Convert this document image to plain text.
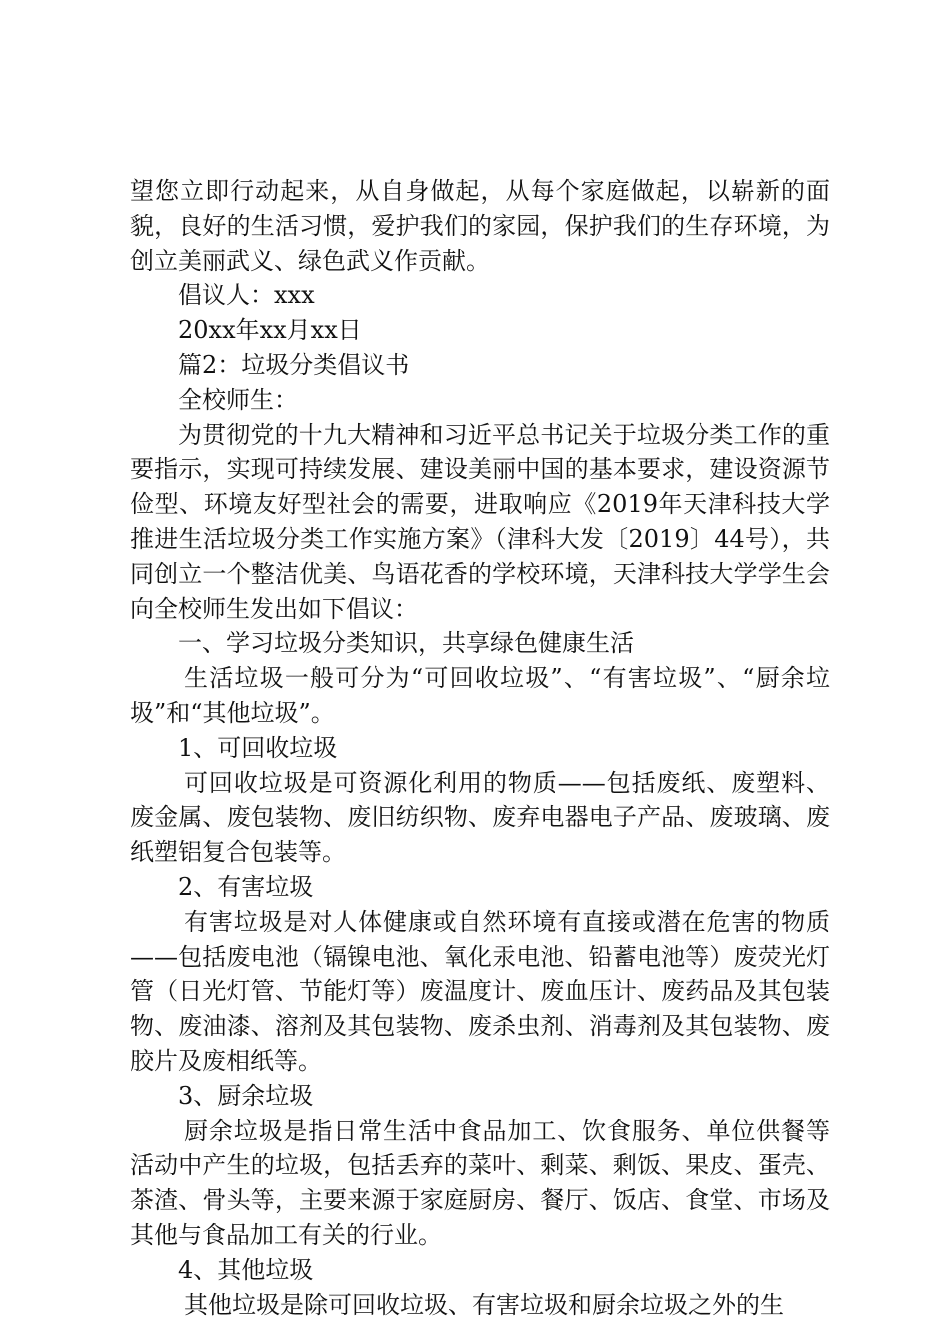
望您立即行动起来，从自身做起，从每个家庭做起，以崭新的面貌，良好的生活习惯，爱护我们的家园，保护我们的生存环境，为创立美丽武义、绿色武义作贡献。

倡议人：xxx

20xx年xx月xx日

篇2：垃圾分类倡议书

全校师生：

为贯彻党的十九大精神和习近平总书记关于垃圾分类工作的重要指示，实现可持续发展、建设美丽中国的基本要求，建设资源节俭型、环境友好型社会的需要，进取响应《2019年天津科技大学推进生活垃圾分类工作实施方案》（津科大发〔2019〕44号），共同创立一个整洁优美、鸟语花香的学校环境，天津科技大学学生会向全校师生发出如下倡议：

一、学习垃圾分类知识，共享绿色健康生活

生活垃圾一般可分为“可回收垃圾”、“有害垃圾”、“厨余垃圾”和“其他垃圾”。

1、可回收垃圾

可回收垃圾是可资源化利用的物质——包括废纸、废塑料、废金属、废包装物、废旧纺织物、废弃电器电子产品、废玻璃、废纸塑铝复合包装等。

2、有害垃圾

有害垃圾是对人体健康或自然环境有直接或潜在危害的物质——包括废电池（镉镍电池、氧化汞电池、铅蓄电池等）废荧光灯管（日光灯管、节能灯等）废温度计、废血压计、废药品及其包装物、废油漆、溶剂及其包装物、废杀虫剂、消毒剂及其包装物、废胶片及废相纸等。

3、厨余垃圾

厨余垃圾是指日常生活中食品加工、饮食服务、单位供餐等活动中产生的垃圾，包括丢弃的菜叶、剩菜、剩饭、果皮、蛋壳、茶渣、骨头等，主要来源于家庭厨房、餐厅、饭店、食堂、市场及其他与食品加工有关的行业。

4、其他垃圾

其他垃圾是除可回收垃圾、有害垃圾和厨余垃圾之外的生
